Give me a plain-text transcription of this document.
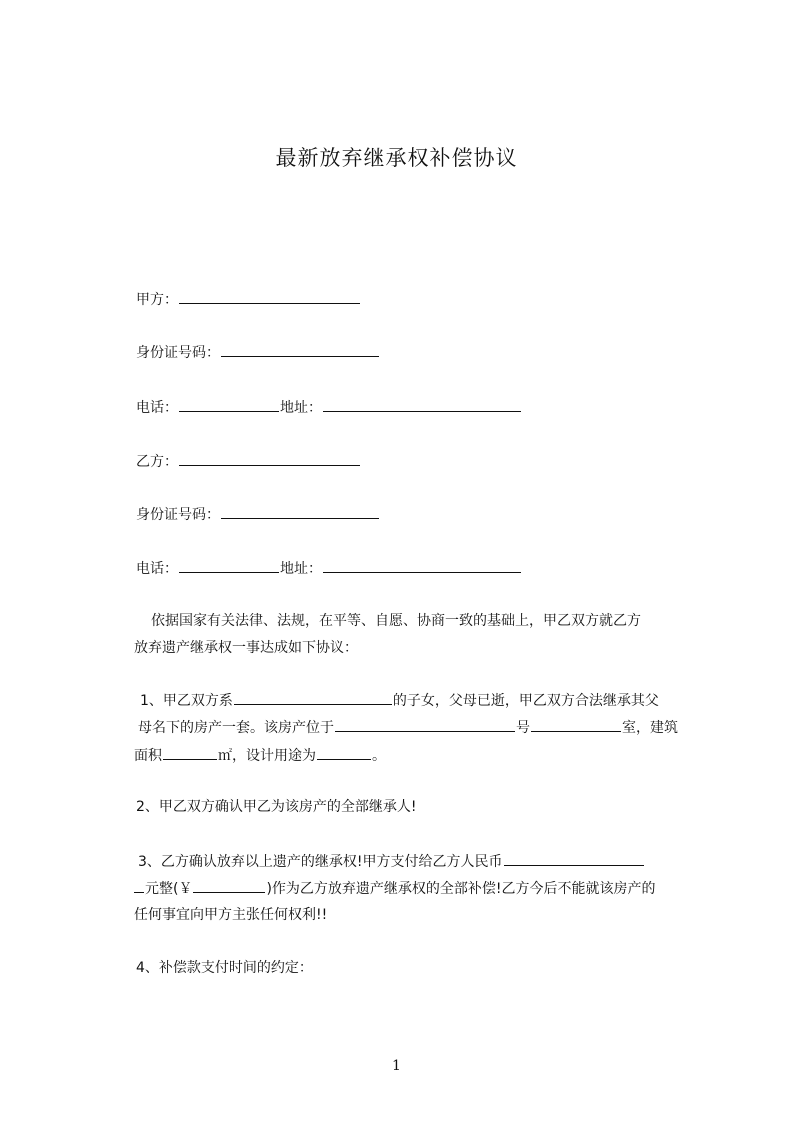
最新放弃继承权补偿协议
甲方：
身份证号码：
电话：	地址：
乙方：
身份证号码：
电话：	地址：
依据国家有关法律、法规，在平等、自愿、协商一致的基础上，甲乙双方就乙方
放弃遗产继承权一事达成如下协议：
1、甲乙双方系	的子女，父母已逝，甲乙双方合法继承其父
母名下的房产一套。该房产位于	号	室，建筑
面积	㎡，设计用途为	。
2、甲乙双方确认甲乙为该房产的全部继承人!
3、乙方确认放弃以上遗产的继承权!甲方支付给乙方人民币
元整(￥	)作为乙方放弃遗产继承权的全部补偿!乙方今后不能就该房产的
任何事宜向甲方主张任何权利!!
4、补偿款支付时间的约定：
1
